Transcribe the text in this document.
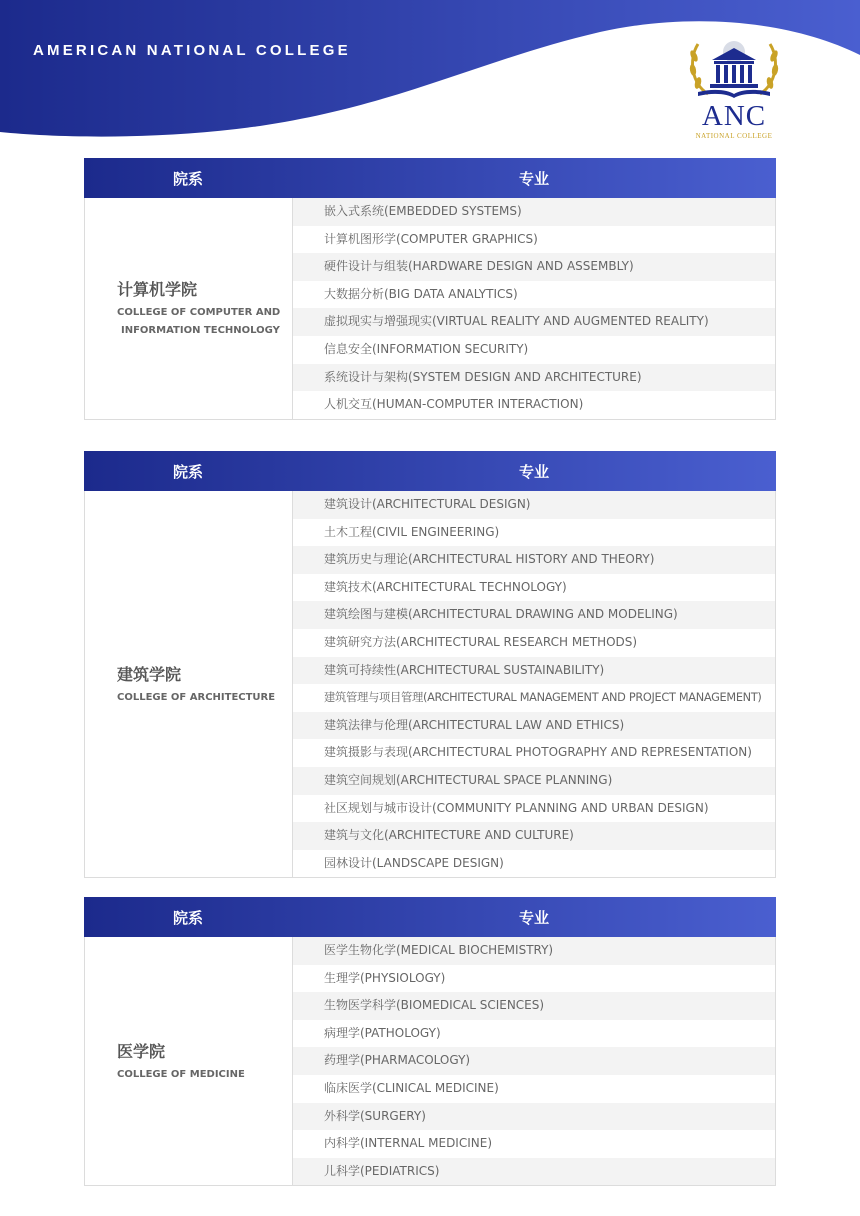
AMERICAN NATIONAL COLLEGE
ANC
NATIONAL COLLEGE
院系	专业
计算机学院
COLLEGE OF COMPUTER AND
INFORMATION TECHNOLOGY
嵌入式系统(EMBEDDED SYSTEMS)
计算机图形学(COMPUTER GRAPHICS)
硬件设计与组装(HARDWARE DESIGN AND ASSEMBLY)
大数据分析(BIG DATA ANALYTICS)
虚拟现实与增强现实(VIRTUAL REALITY AND AUGMENTED REALITY)
信息安全(INFORMATION SECURITY)
系统设计与架构(SYSTEM DESIGN AND ARCHITECTURE)
人机交互(HUMAN-COMPUTER INTERACTION)
院系	专业
建筑学院
COLLEGE OF ARCHITECTURE
建筑设计(ARCHITECTURAL DESIGN)
土木工程(CIVIL ENGINEERING)
建筑历史与理论(ARCHITECTURAL HISTORY AND THEORY)
建筑技术(ARCHITECTURAL TECHNOLOGY)
建筑绘图与建模(ARCHITECTURAL DRAWING AND MODELING)
建筑研究方法(ARCHITECTURAL RESEARCH METHODS)
建筑可持续性(ARCHITECTURAL SUSTAINABILITY)
建筑管理与项目管理(ARCHITECTURAL MANAGEMENT AND PROJECT MANAGEMENT)
建筑法律与伦理(ARCHITECTURAL LAW AND ETHICS)
建筑摄影与表现(ARCHITECTURAL PHOTOGRAPHY AND REPRESENTATION)
建筑空间规划(ARCHITECTURAL SPACE PLANNING)
社区规划与城市设计(COMMUNITY PLANNING AND URBAN DESIGN)
建筑与文化(ARCHITECTURE AND CULTURE)
园林设计(LANDSCAPE DESIGN)
院系	专业
医学院
COLLEGE OF MEDICINE
医学生物化学(MEDICAL BIOCHEMISTRY)
生理学(PHYSIOLOGY)
生物医学科学(BIOMEDICAL SCIENCES)
病理学(PATHOLOGY)
药理学(PHARMACOLOGY)
临床医学(CLINICAL MEDICINE)
外科学(SURGERY)
内科学(INTERNAL MEDICINE)
儿科学(PEDIATRICS)
